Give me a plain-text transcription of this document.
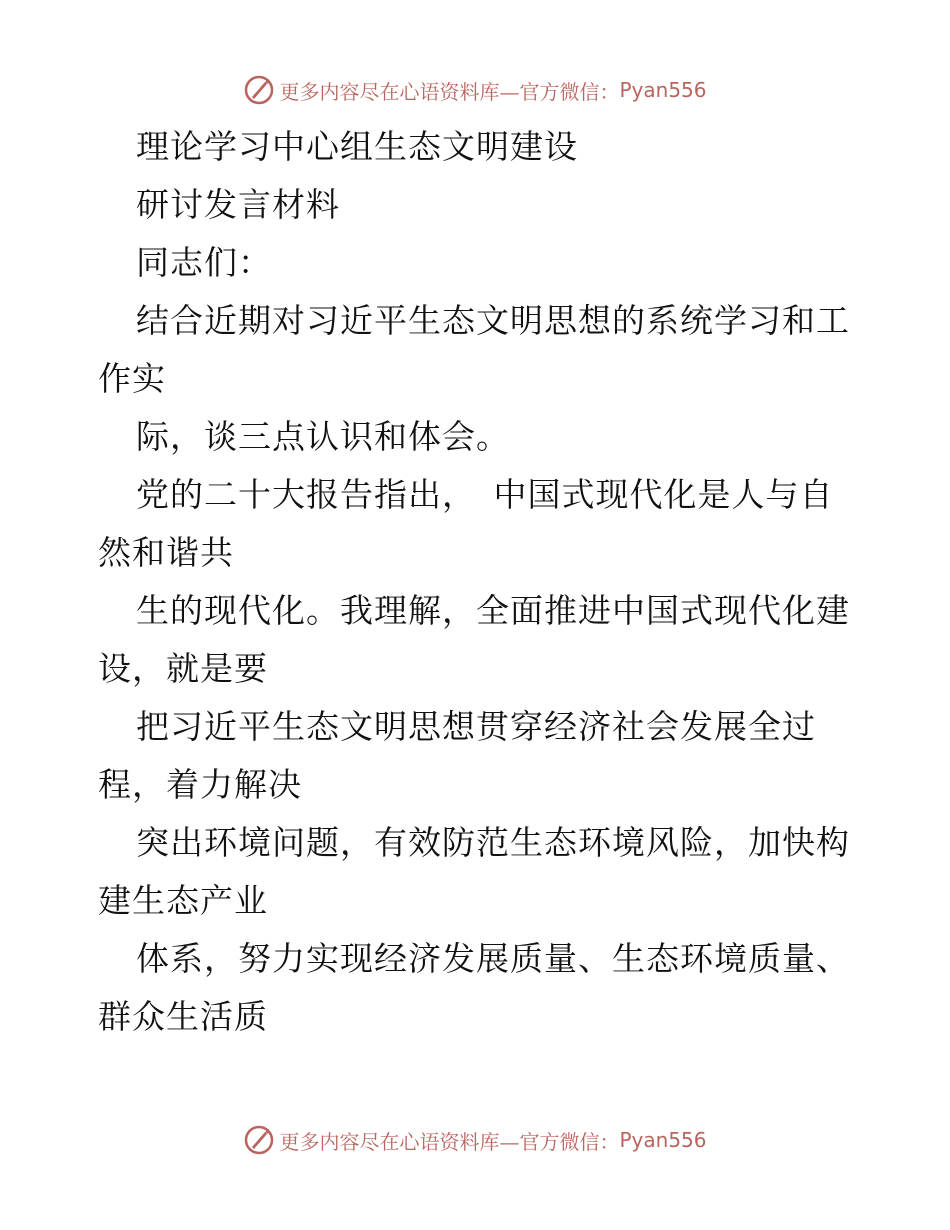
更多内容尽在心语资料库—官方微信： Pyan556
理论学习中心组生态文明建设
研讨发言材料
同志们：
结合近期对习近平生态文明思想的系统学习和工
作实
际，谈三点认识和体会。
党的二十大报告指出，　中国式现代化是人与自
然和谐共
生的现代化。我理解，全面推进中国式现代化建
设，就是要
把习近平生态文明思想贯穿经济社会发展全过
程，着力解决
突出环境问题，有效防范生态环境风险，加快构
建生态产业
体系，努力实现经济发展质量、生态环境质量、
群众生活质
更多内容尽在心语资料库—官方微信： Pyan556
